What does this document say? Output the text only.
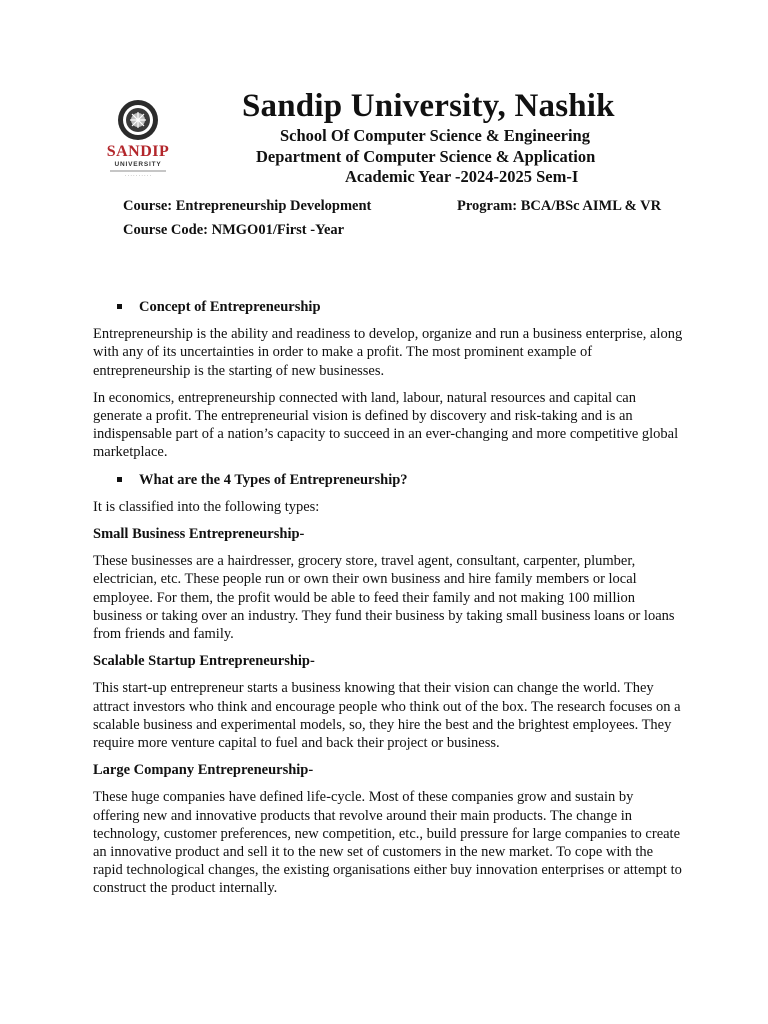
SANDIP
UNIVERSITY
· · · · · · · · · ·
Sandip University, Nashik

School Of Computer Science & Engineering

Department of Computer Science & Application

Academic Year -2024-2025 Sem-I

Course: Entrepreneurship Development	Program: BCA/BSc AIML & VR

Course Code: NMGO01/First -Year

Concept of Entrepreneurship

Entrepreneurship is the ability and readiness to develop, organize and run a business enterprise, along with any of its uncertainties in order to make a profit. The most prominent example of entrepreneurship is the starting of new businesses.

In economics, entrepreneurship connected with land, labour, natural resources and capital can generate a profit. The entrepreneurial vision is defined by discovery and risk-taking and is an indispensable part of a nation’s capacity to succeed in an ever-changing and more competitive global marketplace.

What are the 4 Types of Entrepreneurship?

It is classified into the following types:

Small Business Entrepreneurship-

These businesses are a hairdresser, grocery store, travel agent, consultant, carpenter, plumber, electrician, etc. These people run or own their own business and hire family members or local employee. For them, the profit would be able to feed their family and not making 100 million business or taking over an industry. They fund their business by taking small business loans or loans from friends and family.

Scalable Startup Entrepreneurship-

This start-up entrepreneur starts a business knowing that their vision can change the world. They attract investors who think and encourage people who think out of the box. The research focuses on a scalable business and experimental models, so, they hire the best and the brightest employees. They require more venture capital to fuel and back their project or business.

Large Company Entrepreneurship-

These huge companies have defined life-cycle. Most of these companies grow and sustain by offering new and innovative products that revolve around their main products. The change in technology, customer preferences, new competition, etc., build pressure for large companies to create an innovative product and sell it to the new set of customers in the new market. To cope with the rapid technological changes, the existing organisations either buy innovation enterprises or attempt to construct the product internally.
